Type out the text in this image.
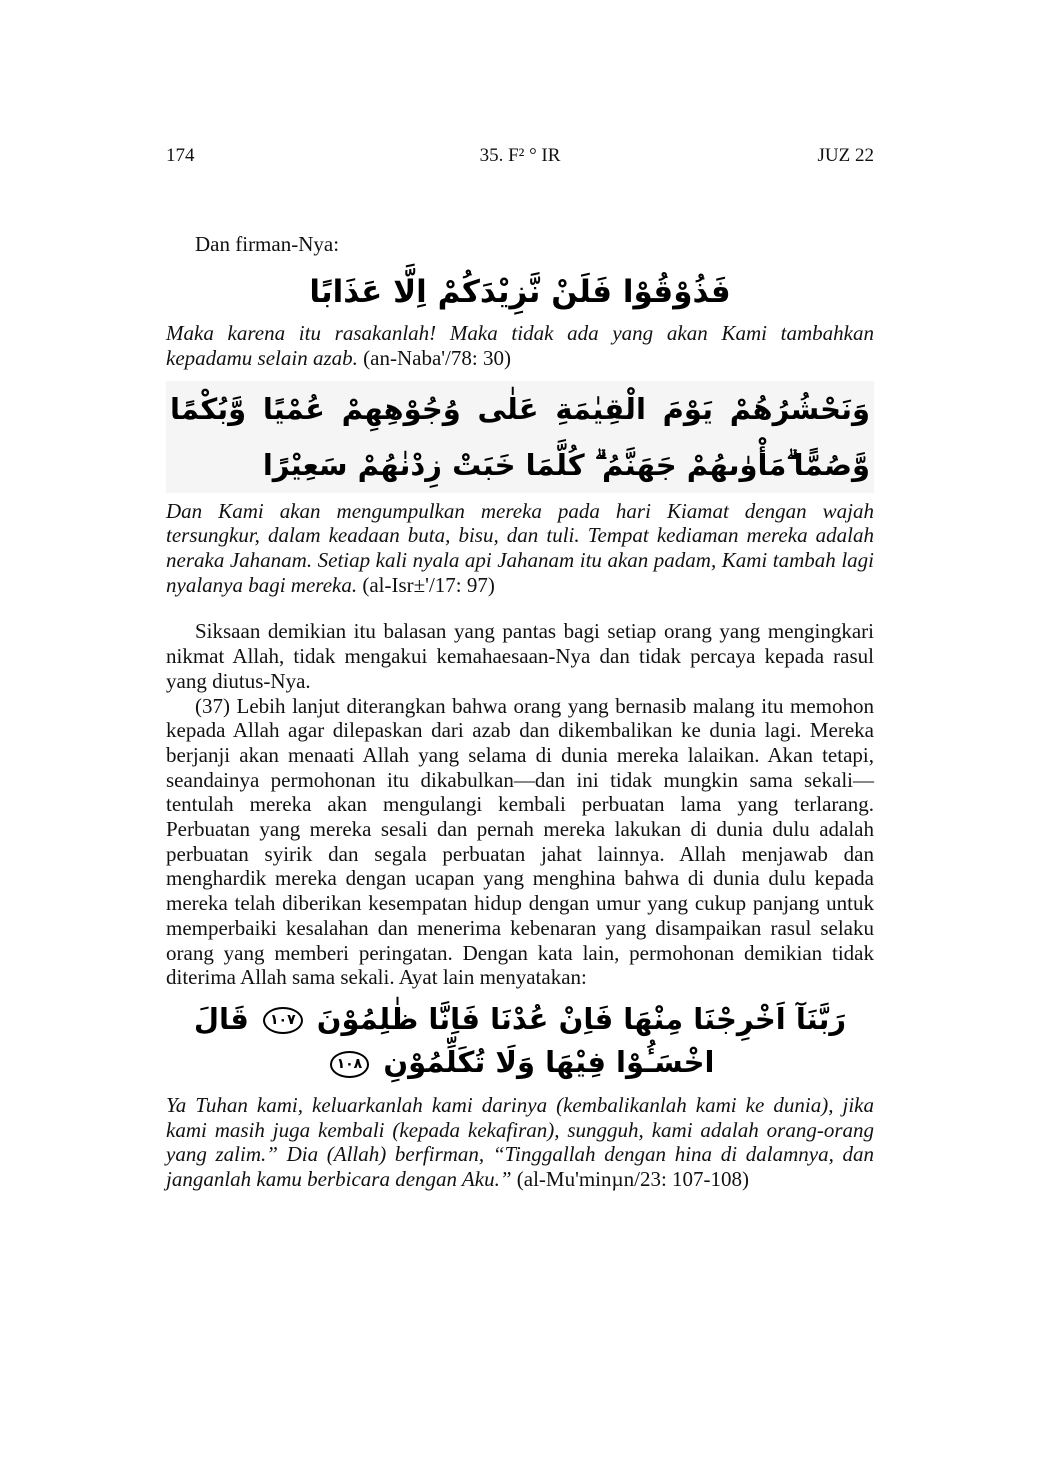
174	35. F² ° IR	JUZ 22

Dan firman-Nya:

فَذُوْقُوْا فَلَنْ نَّزِيْدَكُمْ اِلَّا عَذَابًا

Maka karena itu rasakanlah! Maka tidak ada yang akan Kami tambahkan kepadamu selain azab. (an-Naba'/78: 30)

وَنَحْشُرُهُمْ يَوْمَ الْقِيٰمَةِ عَلٰى وُجُوْهِهِمْ عُمْيًا وَّبُكْمًا وَّصُمًّا ۗمَأْوٰىهُمْ جَهَنَّمُ ۗ كُلَّمَا خَبَتْ زِدْنٰهُمْ سَعِيْرًا

Dan Kami akan mengumpulkan mereka pada hari Kiamat dengan wajah tersungkur, dalam keadaan buta, bisu, dan tuli. Tempat kediaman mereka adalah neraka Jahanam. Setiap kali nyala api Jahanam itu akan padam, Kami tambah lagi nyalanya bagi mereka. (al-Isr±'/17: 97)

Siksaan demikian itu balasan yang pantas bagi setiap orang yang mengingkari nikmat Allah, tidak mengakui kemahaesaan-Nya dan tidak percaya kepada rasul yang diutus-Nya.

(37) Lebih lanjut diterangkan bahwa orang yang bernasib malang itu memohon kepada Allah agar dilepaskan dari azab dan dikembalikan ke dunia lagi. Mereka berjanji akan menaati Allah yang selama di dunia mereka lalaikan. Akan tetapi, seandainya permohonan itu dikabulkan—dan ini tidak mungkin sama sekali—tentulah mereka akan mengulangi kembali perbuatan lama yang terlarang. Perbuatan yang mereka sesali dan pernah mereka lakukan di dunia dulu adalah perbuatan syirik dan segala perbuatan jahat lainnya. Allah menjawab dan menghardik mereka dengan ucapan yang menghina bahwa di dunia dulu kepada mereka telah diberikan kesempatan hidup dengan umur yang cukup panjang untuk memperbaiki kesalahan dan menerima kebenaran yang disampaikan rasul selaku orang yang memberi peringatan. Dengan kata lain, permohonan demikian tidak diterima Allah sama sekali. Ayat lain menyatakan:

رَبَّنَآ اَخْرِجْنَا مِنْهَا فَاِنْ عُدْنَا فَاِنَّا ظٰلِمُوْنَ ١٠٧ قَالَ اخْسَـُٔوْا فِيْهَا وَلَا تُكَلِّمُوْنِ ١٠٨

Ya Tuhan kami, keluarkanlah kami darinya (kembalikanlah kami ke dunia), jika kami masih juga kembali (kepada kekafiran), sungguh, kami adalah orang-orang yang zalim.” Dia (Allah) berfirman, “Tinggallah dengan hina di dalamnya, dan janganlah kamu berbicara dengan Aku.” (al-Mu'minµn/23: 107-108)
